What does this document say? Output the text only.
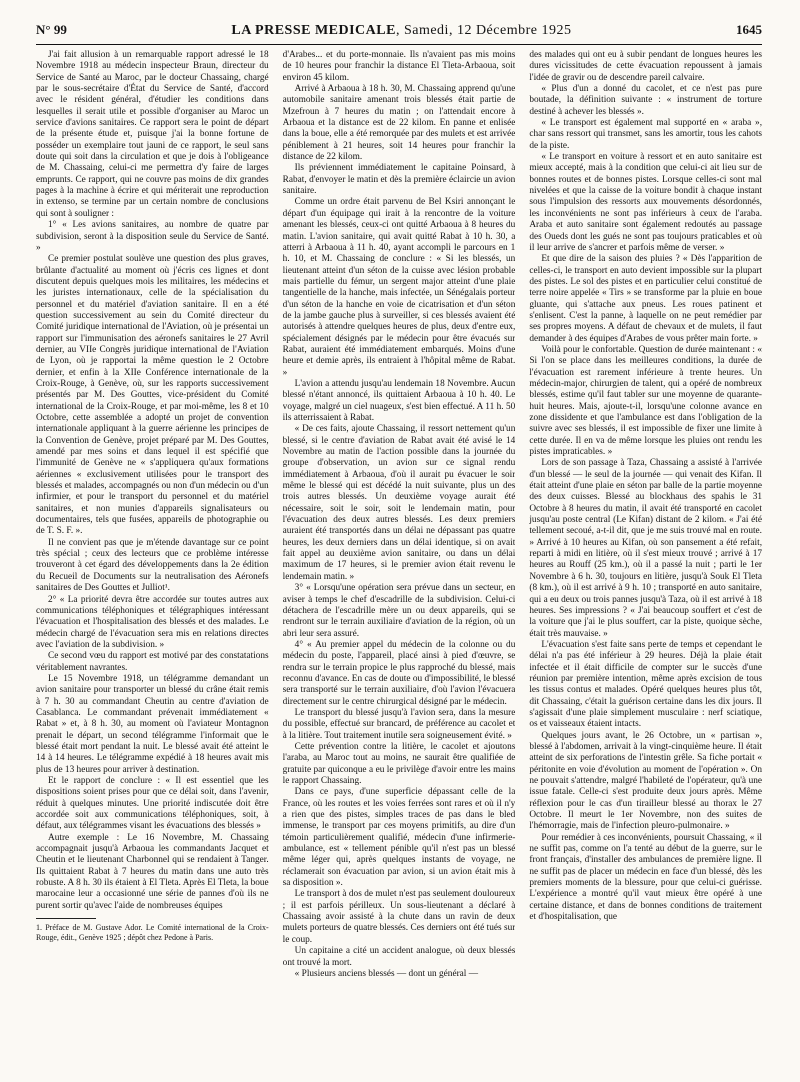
N° 99	LA PRESSE MEDICALE, Samedi, 12 Décembre 1925	1645

J'ai fait allusion à un remarquable rapport adressé le 18 Novembre 1918 au médecin inspecteur Braun, directeur du Service de Santé au Maroc, par le docteur Chassaing, chargé par le sous-secrétaire d'État du Service de Santé, d'accord avec le résident général, d'étudier les conditions dans lesquelles il serait utile et possible d'organiser au Maroc un service d'avions sanitaires. Ce rapport sera le point de départ de la présente étude et, puisque j'ai la bonne fortune de posséder un exemplaire tout jauni de ce rapport, le seul sans doute qui soit dans la circulation et que je dois à l'obligeance de M. Chassaing, celui-ci me permettra d'y faire de larges emprunts. Ce rapport, qui ne couvre pas moins de dix grandes pages à la machine à écrire et qui mériterait une reproduction in extenso, se termine par un certain nombre de conclusions qui sont à souligner :

1° « Les avions sanitaires, au nombre de quatre par subdivision, seront à la disposition seule du Service de Santé. »

Ce premier postulat soulève une question des plus graves, brûlante d'actualité au moment où j'écris ces lignes et dont discutent depuis quelques mois les militaires, les médecins et les juristes internationaux, celle de la spécialisation du personnel et du matériel d'aviation sanitaire. Il en a été question successivement au sein du Comité directeur du Comité juridique international de l'Aviation, où je présentai un rapport sur l'immunisation des aéronefs sanitaires le 27 Avril dernier, au VIIe Congrès juridique international de l'Aviation de Lyon, où je rapportai la même question le 2 Octobre dernier, et enfin à la XIIe Conférence internationale de la Croix-Rouge, à Genève, où, sur les rapports successivement présentés par M. Des Gouttes, vice-président du Comité international de la Croix-Rouge, et par moi-même, les 8 et 10 Octobre, cette assemblée a adopté un projet de convention internationale appliquant à la guerre aérienne les principes de la Convention de Genève, projet préparé par M. Des Gouttes, amendé par mes soins et dans lequel il est spécifié que l'immunité de Genève ne « s'appliquera qu'aux formations aériennes « exclusivement utilisées pour le transport des blessés et malades, accompagnés ou non d'un médecin ou d'un infirmier, et pour le transport du personnel et du matériel sanitaires, et non munies d'appareils signalisateurs ou documentaires, tels que fusées, appareils de photographie ou de T. S. F. ».

Il ne convient pas que je m'étende davantage sur ce point très spécial ; ceux des lecteurs que ce problème intéresse trouveront à cet égard des développements dans la 2e édition du Recueil de Documents sur la neutralisation des Aéronefs sanitaires de Des Gouttes et Julliot¹.

2° « La priorité devra être accordée sur toutes autres aux communications téléphoniques et télégraphiques intéressant l'évacuation et l'hospitalisation des blessés et des malades. Le médecin chargé de l'évacuation sera mis en relations directes avec l'aviation de la subdivision. »

Ce second vœu du rapport est motivé par des constatations véritablement navrantes.

Le 15 Novembre 1918, un télégramme demandant un avion sanitaire pour transporter un blessé du crâne était remis à 7 h. 30 au commandant Cheutin au centre d'aviation de Casablanca. Le commandant prévenait immédiatement « Rabat » et, à 8 h. 30, au moment où l'aviateur Montagnon prenait le départ, un second télégramme l'informait que le blessé était mort pendant la nuit. Le blessé avait été atteint le 14 à 14 heures. Le télégramme expédié à 18 heures avait mis plus de 13 heures pour arriver à destination.

Et le rapport de conclure : « Il est essentiel que les dispositions soient prises pour que ce délai soit, dans l'avenir, réduit à quelques minutes. Une priorité indiscutée doit être accordée soit aux communications téléphoniques, soit, à défaut, aux télégrammes visant les évacuations des blessés »

Autre exemple : Le 16 Novembre, M. Chassaing accompagnait jusqu'à Arbaoua les commandants Jacquet et Cheutin et le lieutenant Charbonnel qui se rendaient à Tanger. Ils quittaient Rabat à 7 heures du matin dans une auto très robuste. A 8 h. 30 ils étaient à El Tleta. Après El Tleta, la boue marocaine leur a occasionné une série de pannes d'où ils ne purent sortir qu'avec l'aide de nombreuses équipes

1. Préface de M. Gustave Ador. Le Comité international de la Croix-Rouge, édit., Genève 1925 ; dépôt chez Pedone à Paris.

d'Arabes... et du porte-monnaie. Ils n'avaient pas mis moins de 10 heures pour franchir la distance El Tleta-Arbaoua, soit environ 45 kilom.

Arrivé à Arbaoua à 18 h. 30, M. Chassaing apprend qu'une automobile sanitaire amenant trois blessés était partie de Mzefroun à 7 heures du matin ; on l'attendait encore à Arbaoua et la distance est de 22 kilom. En panne et enlisée dans la boue, elle a été remorquée par des mulets et est arrivée péniblement à 21 heures, soit 14 heures pour franchir la distance de 22 kilom.

Ils préviennent immédiatement le capitaine Poinsard, à Rabat, d'envoyer le matin et dès la première éclaircie un avion sanitaire.

Comme un ordre était parvenu de Bel Ksiri annonçant le départ d'un équipage qui irait à la rencontre de la voiture amenant les blessés, ceux-ci ont quitté Arbaoua à 8 heures du matin. L'avion sanitaire, qui avait quitté Rabat à 10 h. 30, a atterri à Arbaoua à 11 h. 40, ayant accompli le parcours en 1 h. 10, et M. Chassaing de conclure : « Si les blessés, un lieutenant atteint d'un séton de la cuisse avec lésion probable mais partielle du fémur, un sergent major atteint d'une plaie tangentielle de la hanche, mais infectée, un Sénégalais porteur d'un séton de la hanche en voie de cicatrisation et d'un séton de la jambe gauche plus à surveiller, si ces blessés avaient été autorisés à attendre quelques heures de plus, deux d'entre eux, spécialement désignés par le médecin pour être évacués sur Rabat, auraient été immédiatement embarqués. Moins d'une heure et demie après, ils entraient à l'hôpital même de Rabat. »

L'avion a attendu jusqu'au lendemain 18 Novembre. Aucun blessé n'étant annoncé, ils quittaient Arbaoua à 10 h. 40. Le voyage, malgré un ciel nuageux, s'est bien effectué. A 11 h. 50 ils atterrissaient à Rabat.

« De ces faits, ajoute Chassaing, il ressort nettement qu'un blessé, si le centre d'aviation de Rabat avait été avisé le 14 Novembre au matin de l'action possible dans la journée du groupe d'observation, un avion sur ce signal rendu immédiatement à Arbaoua, d'où il aurait pu évacuer le soir même le blessé qui est décédé la nuit suivante, plus un des trois autres blessés. Un deuxième voyage aurait été nécessaire, soit le soir, soit le lendemain matin, pour l'évacuation des deux autres blessés. Les deux premiers auraient été transportés dans un délai ne dépassant pas quatre heures, les deux derniers dans un délai identique, si on avait fait appel au deuxième avion sanitaire, ou dans un délai maximum de 17 heures, si le premier avion était revenu le lendemain matin. »

3° « Lorsqu'une opération sera prévue dans un secteur, en aviser à temps le chef d'escadrille de la subdivision. Celui-ci détachera de l'escadrille mère un ou deux appareils, qui se rendront sur le terrain auxiliaire d'aviation de la région, où un abri leur sera assuré.

4° « Au premier appel du médecin de la colonne ou du médecin du poste, l'appareil, placé ainsi à pied d'œuvre, se rendra sur le terrain propice le plus rapproché du blessé, mais reconnu d'avance. En cas de doute ou d'impossibilité, le blessé sera transporté sur le terrain auxiliaire, d'où l'avion l'évacuera directement sur le centre chirurgical désigné par le médecin.

Le transport du blessé jusqu'à l'avion sera, dans la mesure du possible, effectué sur brancard, de préférence au cacolet et à la litière. Tout traitement inutile sera soigneusement évité. »

Cette prévention contre la litière, le cacolet et ajoutons l'araba, au Maroc tout au moins, ne saurait être qualifiée de gratuite par quiconque a eu le privilège d'avoir entre les mains le rapport Chassaing.

Dans ce pays, d'une superficie dépassant celle de la France, où les routes et les voies ferrées sont rares et où il n'y a rien que des pistes, simples traces de pas dans le bled immense, le transport par ces moyens primitifs, au dire d'un témoin particulièrement qualifié, médecin d'une infirmerie-ambulance, est « tellement pénible qu'il n'est pas un blessé même léger qui, après quelques instants de voyage, ne réclamerait son évacuation par avion, si un avion était mis à sa disposition ».

Le transport à dos de mulet n'est pas seulement douloureux ; il est parfois périlleux. Un sous-lieutenant a déclaré à Chassaing avoir assisté à la chute dans un ravin de deux mulets porteurs de quatre blessés. Ces derniers ont été tués sur le coup.

Un capitaine a cité un accident analogue, où deux blessés ont trouvé la mort.

« Plusieurs anciens blessés — dont un général —

des malades qui ont eu à subir pendant de longues heures les dures vicissitudes de cette évacuation repoussent à jamais l'idée de gravir ou de descendre pareil calvaire.

« Plus d'un a donné du cacolet, et ce n'est pas pure boutade, la définition suivante : « instrument de torture destiné à achever les blessés ».

« Le transport est également mal supporté en « araba », char sans ressort qui transmet, sans les amortir, tous les cahots de la piste.

« Le transport en voiture à ressort et en auto sanitaire est mieux accepté, mais à la condition que celui-ci ait lieu sur de bonnes routes et de bonnes pistes. Lorsque celles-ci sont mal nivelées et que la caisse de la voiture bondit à chaque instant sous l'impulsion des ressorts aux mouvements désordonnés, les inconvénients ne sont pas inférieurs à ceux de l'araba. Araba et auto sanitaire sont également redoutés au passage des Oueds dont les gués ne sont pas toujours praticables et où il leur arrive de s'ancrer et parfois même de verser. »

Et que dire de la saison des pluies ? « Dès l'apparition de celles-ci, le transport en auto devient impossible sur la plupart des pistes. Le sol des pistes et en particulier celui constitué de terre noire appelée « Tirs » se transforme par la pluie en boue gluante, qui s'attache aux pneus. Les roues patinent et s'enlisent. C'est la panne, à laquelle on ne peut remédier par ses propres moyens. A défaut de chevaux et de mulets, il faut demander à des équipes d'Arabes de vous prêter main forte. »

Voilà pour le confortable. Question de durée maintenant : « Si l'on se place dans les meilleures conditions, la durée de l'évacuation est rarement inférieure à trente heures. Un médecin-major, chirurgien de talent, qui a opéré de nombreux blessés, estime qu'il faut tabler sur une moyenne de quarante-huit heures. Mais, ajoute-t-il, lorsqu'une colonne avance en zone dissidente et que l'ambulance est dans l'obligation de la suivre avec ses blessés, il est impossible de fixer une limite à cette durée. Il en va de même lorsque les pluies ont rendu les pistes impraticables. »

Lors de son passage à Taza, Chassaing a assisté à l'arrivée d'un blessé — le seul de la journée — qui venait des Kifan. Il était atteint d'une plaie en séton par balle de la partie moyenne des deux cuisses. Blessé au blockhaus des spahis le 31 Octobre à 8 heures du matin, il avait été transporté en cacolet jusqu'au poste central (Le Kifan) distant de 2 kilom. « J'ai été tellement secoué, a-t-il dit, que je me suis trouvé mal en route. » Arrivé à 10 heures au Kifan, où son pansement a été refait, reparti à midi en litière, où il s'est mieux trouvé ; arrivé à 17 heures au Rouff (25 km.), où il a passé la nuit ; parti le 1er Novembre à 6 h. 30, toujours en litière, jusqu'à Souk El Tleta (8 km.), où il est arrivé à 9 h. 10 ; transporté en auto sanitaire, qui a eu deux ou trois pannes jusqu'à Taza, où il est arrivé à 18 heures. Ses impressions ? « J'ai beaucoup souffert et c'est de la voiture que j'ai le plus souffert, car la piste, quoique sèche, était très mauvaise. »

L'évacuation s'est faite sans perte de temps et cependant le délai n'a pas été inférieur à 29 heures. Déjà la plaie était infectée et il était difficile de compter sur le succès d'une réunion par première intention, même après excision de tous les tissus contus et malades. Opéré quelques heures plus tôt, dit Chassaing, c'était la guérison certaine dans les dix jours. Il s'agissait d'une plaie simplement musculaire : nerf sciatique, os et vaisseaux étaient intacts.

Quelques jours avant, le 26 Octobre, un « partisan », blessé à l'abdomen, arrivait à la vingt-cinquième heure. Il était atteint de six perforations de l'intestin grêle. Sa fiche portait « péritonite en voie d'évolution au moment de l'opération ». On ne pouvait s'attendre, malgré l'habileté de l'opérateur, qu'à une issue fatale. Celle-ci s'est produite deux jours après. Même réflexion pour le cas d'un tirailleur blessé au thorax le 27 Octobre. Il meurt le 1er Novembre, non des suites de l'hémorragie, mais de l'infection pleuro-pulmonaire. »

Pour remédier à ces inconvénients, poursuit Chassaing, « il ne suffit pas, comme on l'a tenté au début de la guerre, sur le front français, d'installer des ambulances de première ligne. Il ne suffit pas de placer un médecin en face d'un blessé, dès les premiers moments de la blessure, pour que celui-ci guérisse. L'expérience a montré qu'il vaut mieux être opéré à une certaine distance, et dans de bonnes conditions de traitement et d'hospitalisation, que
